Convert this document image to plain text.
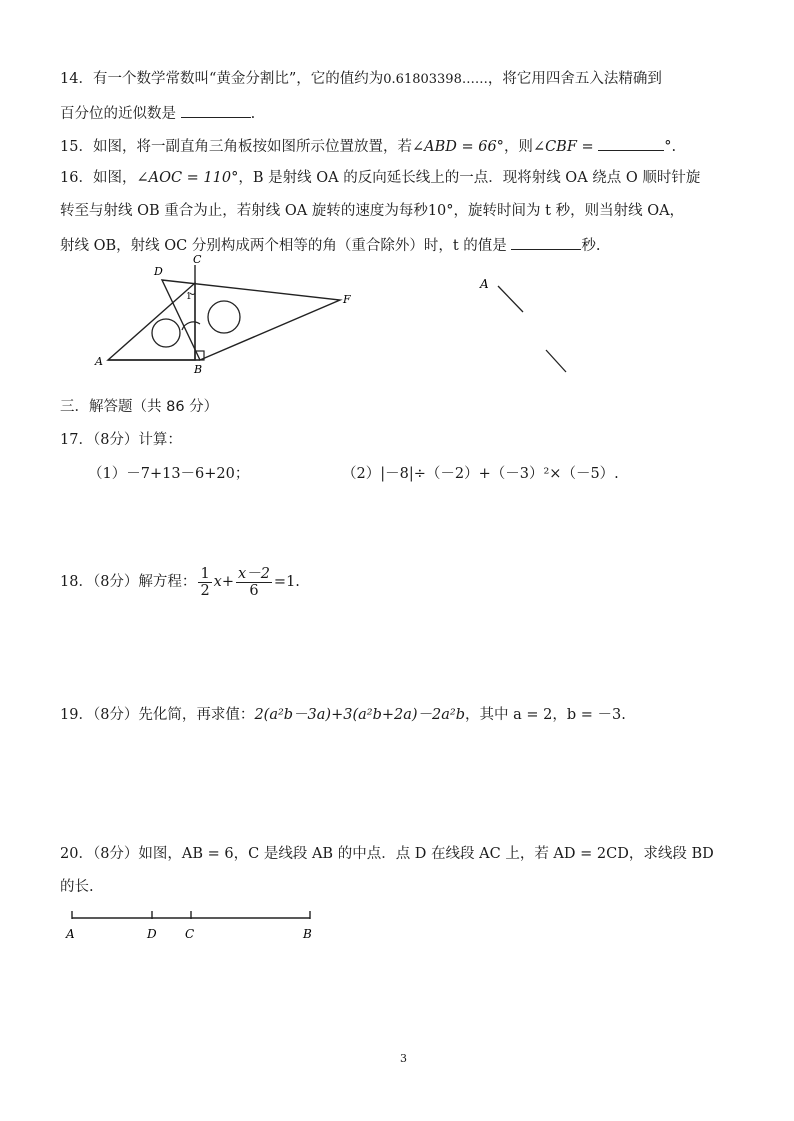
14．有一个数学常数叫“黄金分割比”，它的值约为0.61803398……，将它用四舍五入法精确到
百分位的近似数是	.
15．如图，将一副直角三角板按如图所示位置放置，若∠ABD = 66°，则∠CBF =	°.
16．如图，∠AOC = 110°，B 是射线 OA 的反向延长线上的一点．现将射线 OA 绕点 O 顺时针旋
转至与射线 OB 重合为止，若射线 OA 旋转的速度为每秒10°，旋转时间为 t 秒，则当射线 OA，
射线 OB，射线 OC 分别构成两个相等的角（重合除外）时，t 的值是	秒.
D
C
A
B
F
1
A
三．解答题（共 86 分）
17．（8分）计算：
（1）－7+13－6+20；	（2）|－8|÷（－2）+（－3）²×（－5）.
18．（8分）解方程： $\frac{1}{2} x+ \frac{x-2}{6} =1$.
19．（8分）先化简，再求值：2(a²b－3a)+3(a²b+2a)－2a²b，其中 a = 2，b = －3.
20．（8分）如图，AB = 6，C 是线段 AB 的中点．点 D 在线段 AC 上，若 AD = 2CD，求线段 BD
的长.
A	D C	B
3
